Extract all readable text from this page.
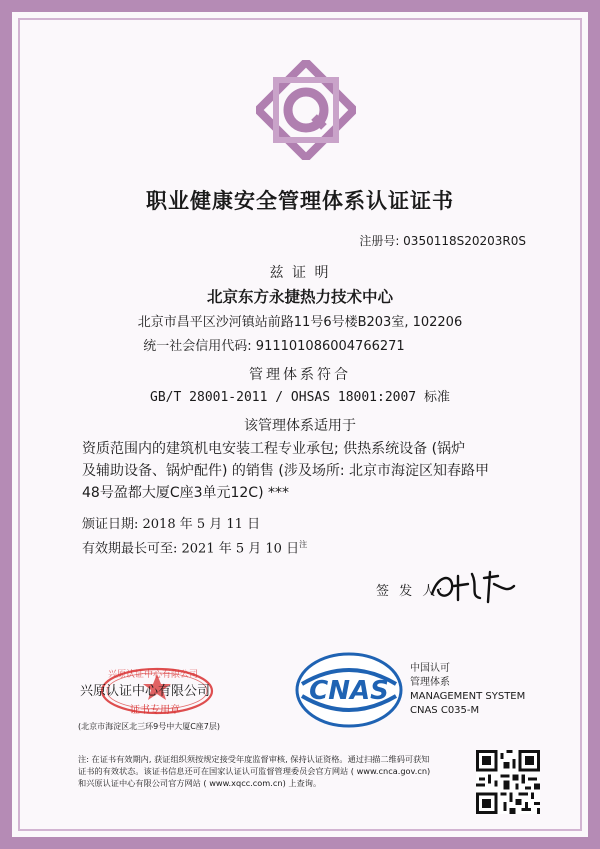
职业健康安全管理体系认证证书
注册号: 0350118S20203R0S
兹 证 明
北京东方永捷热力技术中心
北京市昌平区沙河镇站前路11号6号楼B203室, 102206
统一社会信用代码: 911101086004766271
管理体系符合
GB/T 28001-2011 / OHSAS 18001:2007 标准
该管理体系适用于

资质范围内的建筑机电安装工程专业承包; 供热系统设备 (锅炉

及辅助设备、锅炉配件) 的销售 (涉及场所: 北京市海淀区知春路甲

48号盈都大厦C座3单元12C) ***

颁证日期: 2018 年 5 月 11 日
有效期最长可至: 2021 年 5 月 10 日$^注$
签 发 人:
兴原认证中心有限公司
证书专用章
兴原认证中心有限公司
(北京市海淀区北三环9号中大厦C座7层)
CNAS
中国认可
管理体系
MANAGEMENT SYSTEM
CNAS C035-M

注: 在证书有效期内, 获证组织须按规定接受年度监督审核, 保持认证资格。通过扫描二维码可获知

证书的有效状态。该证书信息还可在国家认证认可监督管理委员会官方网站 ( www.cnca.gov.cn)

和兴原认证中心有限公司官方网站 ( www.xqcc.com.cn) 上查询。
